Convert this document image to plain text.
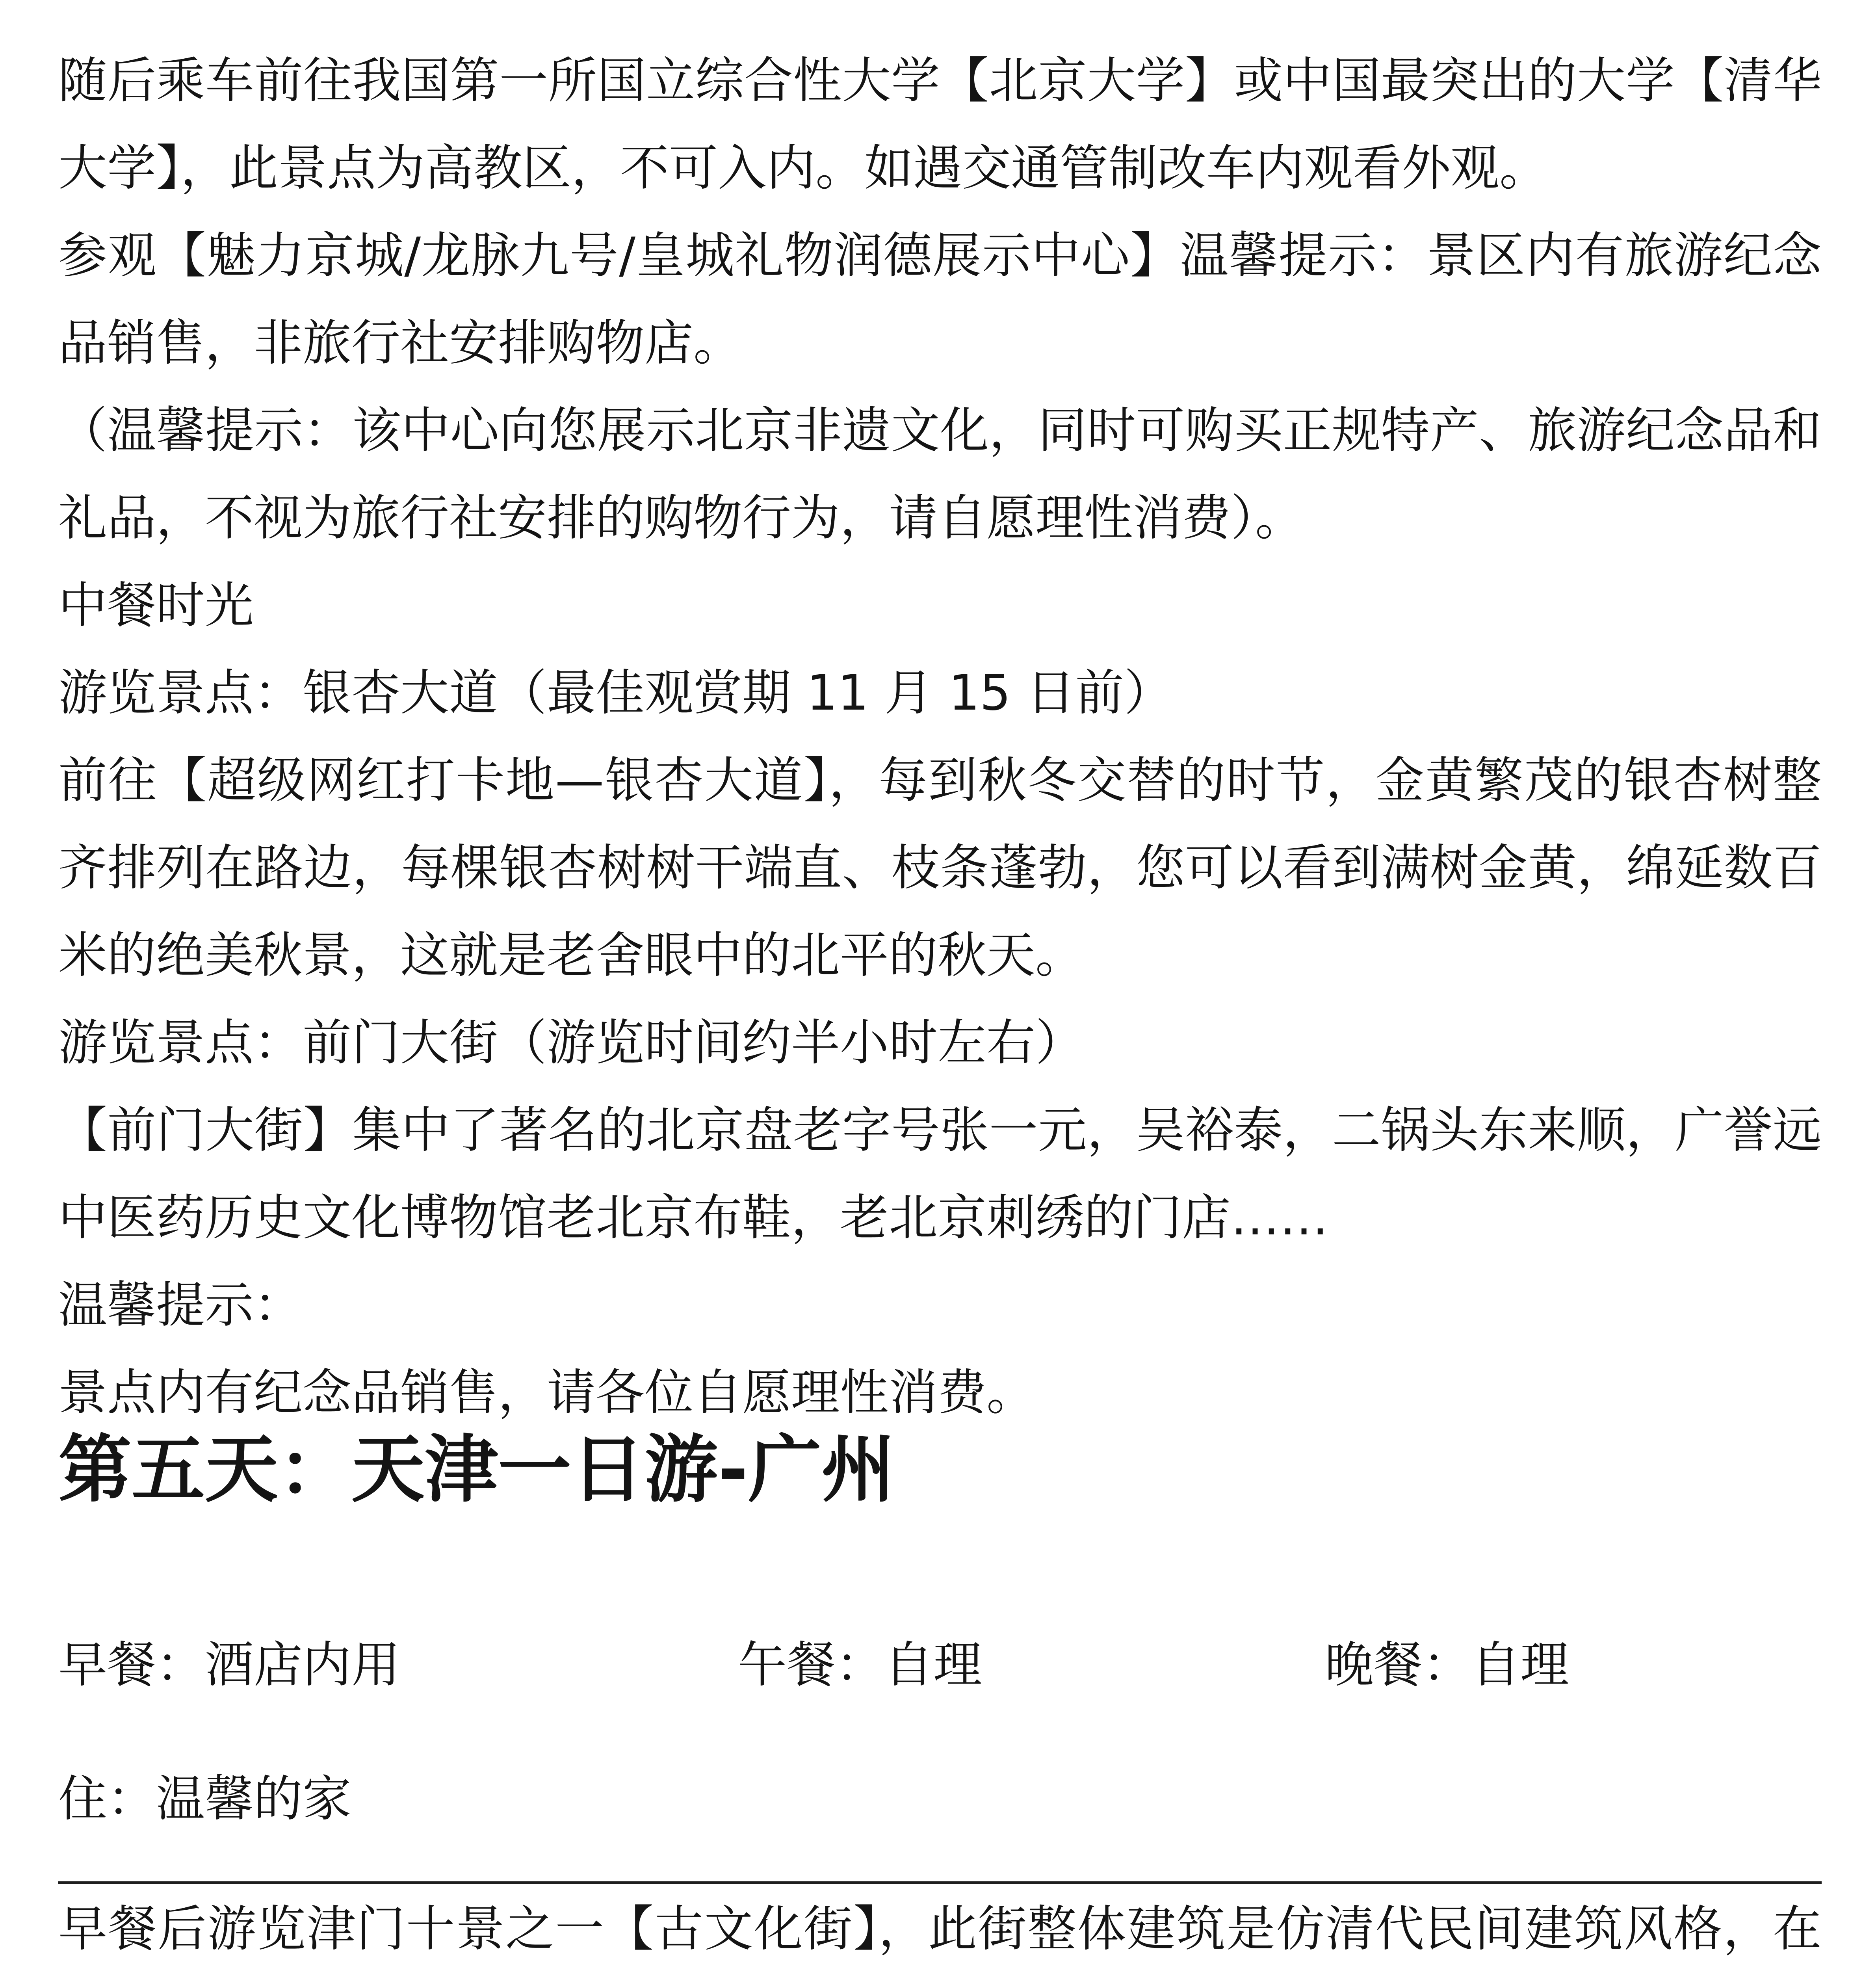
随后乘车前往我国第一所国立综合性大学【北京大学】或中国最突出的大学【清华大学】，此景点为高教区，不可入内。如遇交通管制改车内观看外观。

参观【魅力京城/龙脉九号/皇城礼物润德展示中心】温馨提示：景区内有旅游纪念品销售，非旅行社安排购物店。

（温馨提示：该中心向您展示北京非遗文化，同时可购买正规特产、旅游纪念品和礼品，不视为旅行社安排的购物行为，请自愿理性消费）。

中餐时光

游览景点：银杏大道（最佳观赏期 11 月 15 日前）

前往【超级网红打卡地—银杏大道】，每到秋冬交替的时节，金黄繁茂的银杏树整齐排列在路边，每棵银杏树树干端直、枝条蓬勃，您可以看到满树金黄，绵延数百米的绝美秋景，这就是老舍眼中的北平的秋天。

游览景点：前门大街（游览时间约半小时左右）

【前门大街】集中了著名的北京盘老字号张一元，吴裕泰，二锅头东来顺，广誉远中医药历史文化博物馆老北京布鞋，老北京刺绣的门店……

温馨提示：

景点内有纪念品销售，请各位自愿理性消费。

第五天：天津一日游-广州
早餐：酒店内用	午餐：自理	晚餐：自理

住：温馨的家

早餐后游览津门十景之一【古文化街】，此街整体建筑是仿清代民间建筑风格，在
